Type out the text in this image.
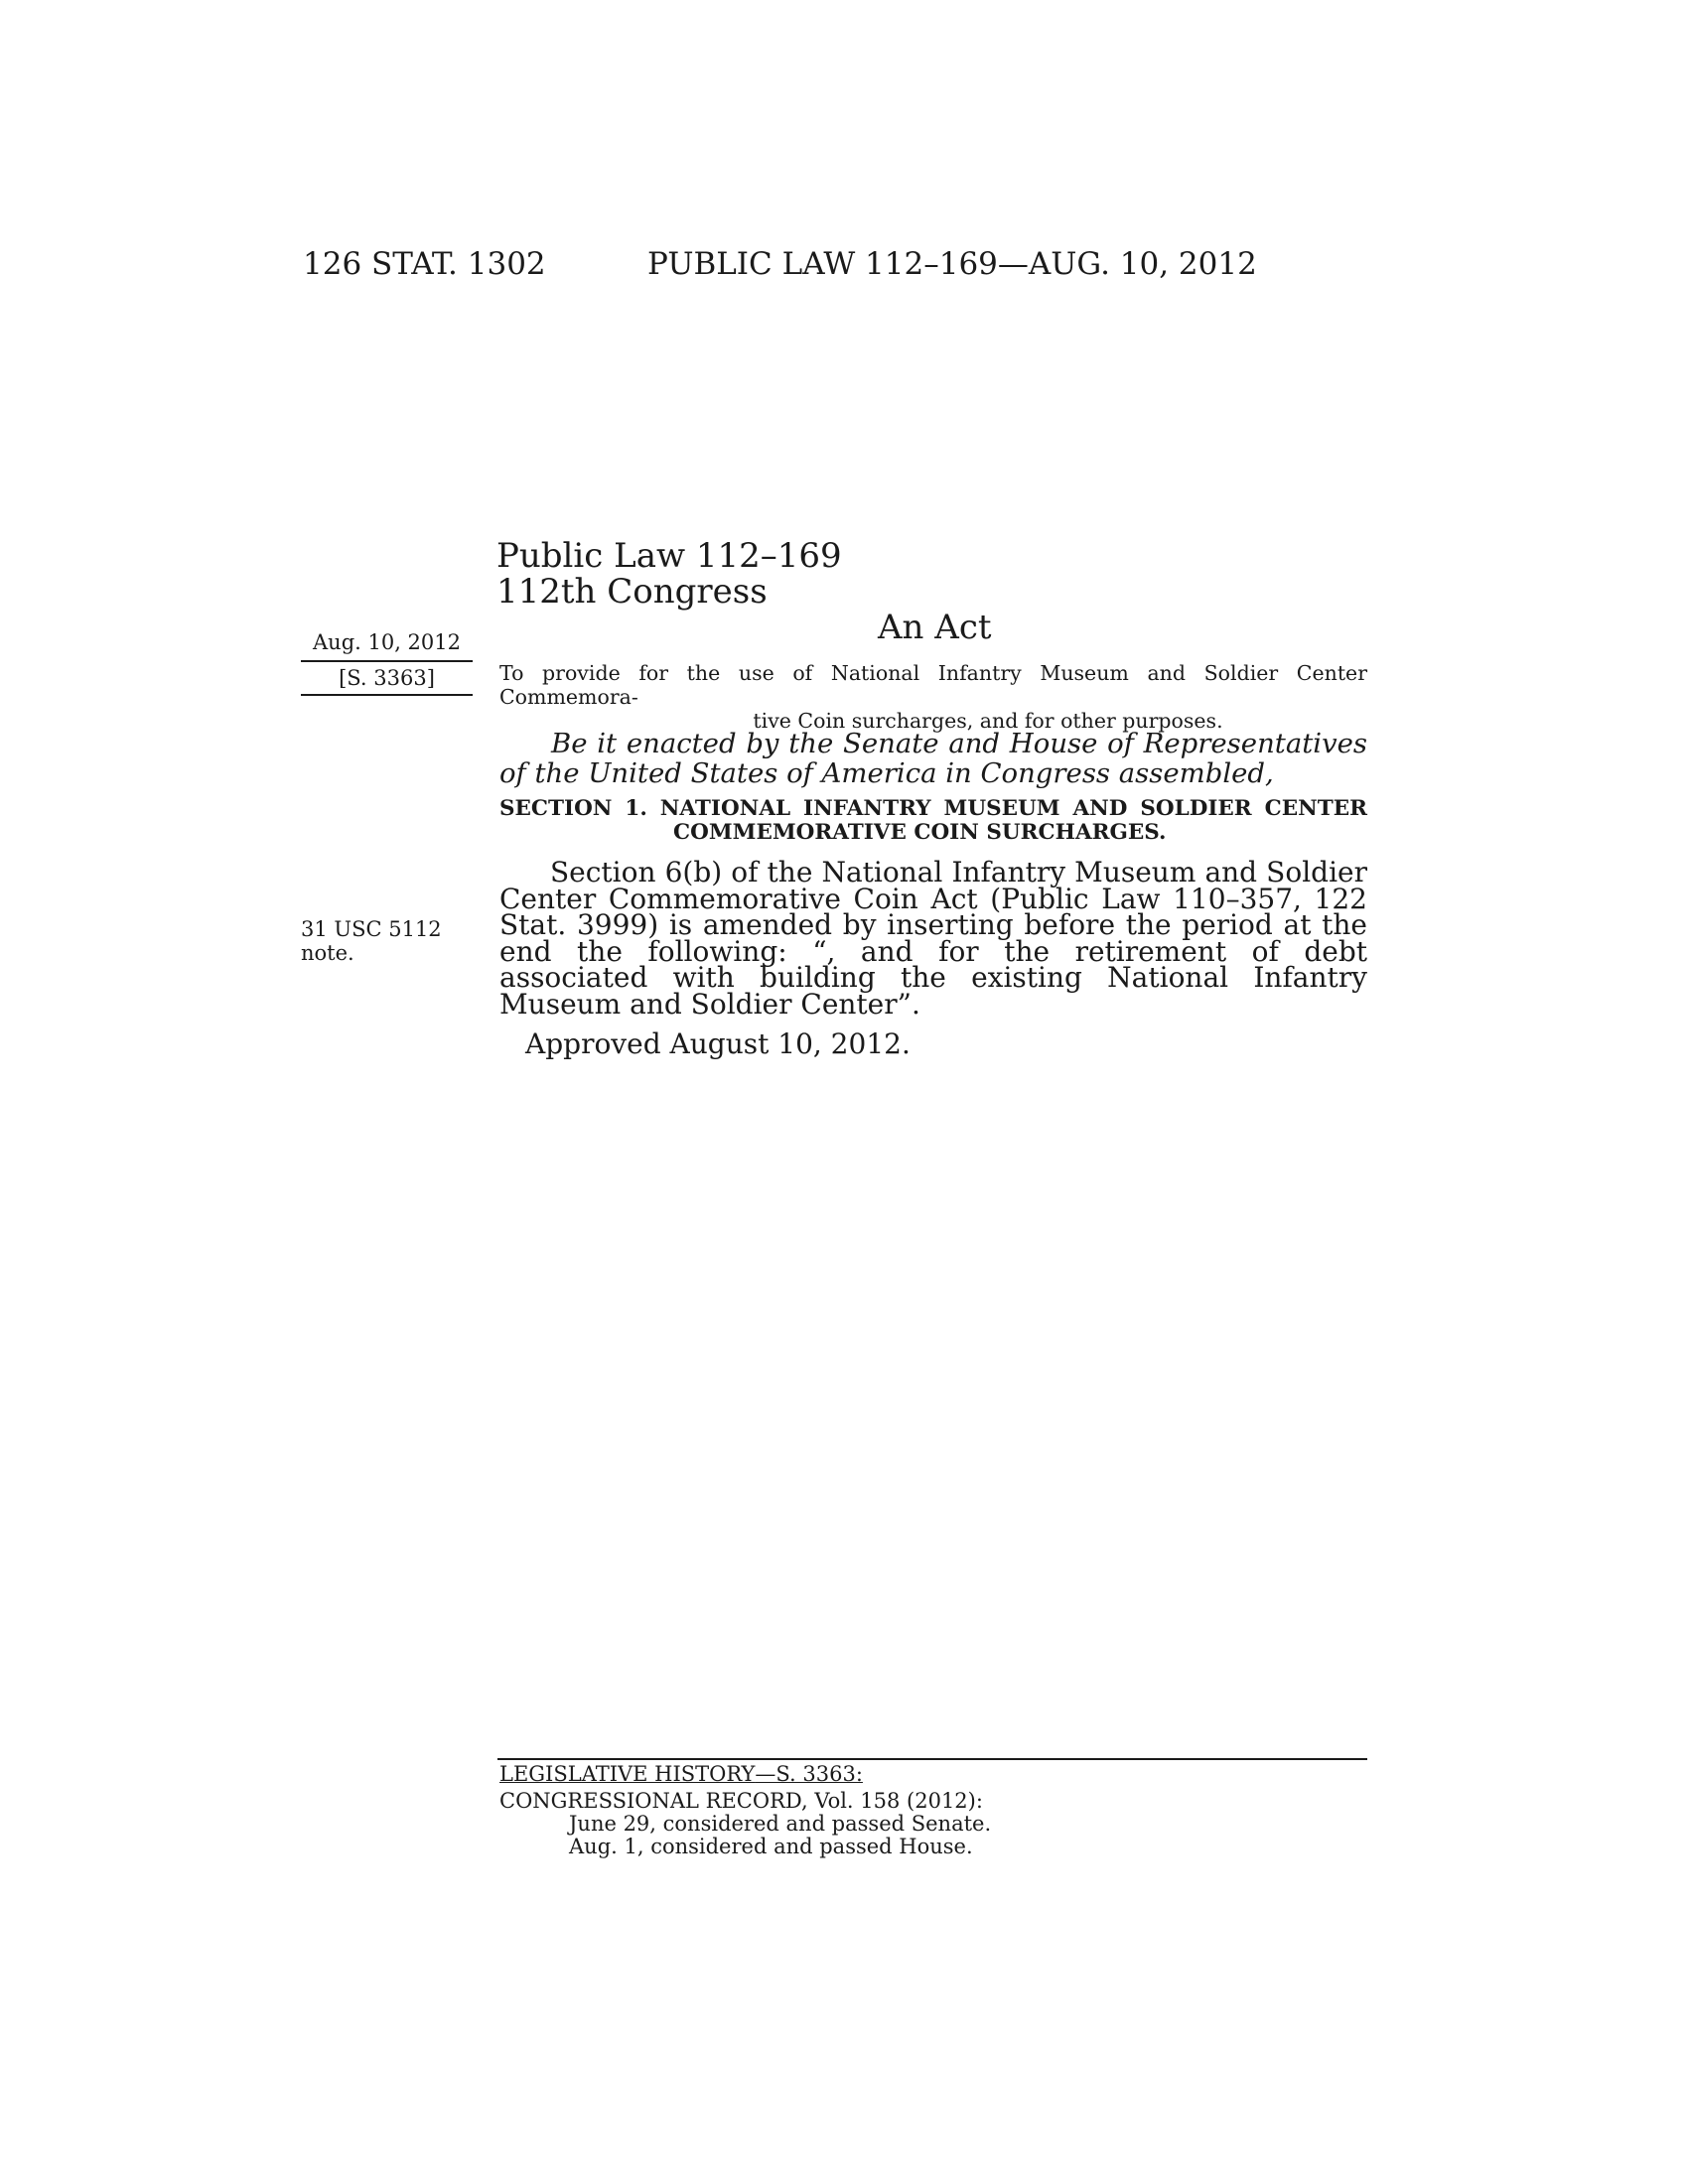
126 STAT. 1302	PUBLIC LAW 112–169—AUG. 10, 2012
Public Law 112–169
112th Congress
An Act
Aug. 10, 2012
[S. 3363]	To provide for the use of National Infantry Museum and Soldier Center Commemora-
tive Coin surcharges, and for other purposes.
Be it enacted by the Senate and House of Representatives of the United States of America in Congress assembled,
SECTION 1. NATIONAL INFANTRY MUSEUM AND SOLDIER CENTER
COMMEMORATIVE COIN SURCHARGES.
Section 6(b) of the National Infantry Museum and Soldier Center Commemorative Coin Act (Public Law 110–357, 122 Stat. 3999) is amended by inserting before the period at the end the following: “, and for the retirement of debt associated with building the existing National Infantry Museum and Soldier Center”.
31 USC 5112
note.
Approved August 10, 2012.
LEGISLATIVE HISTORY—S. 3363:
CONGRESSIONAL RECORD, Vol. 158 (2012):
June 29, considered and passed Senate.
Aug. 1, considered and passed House.
